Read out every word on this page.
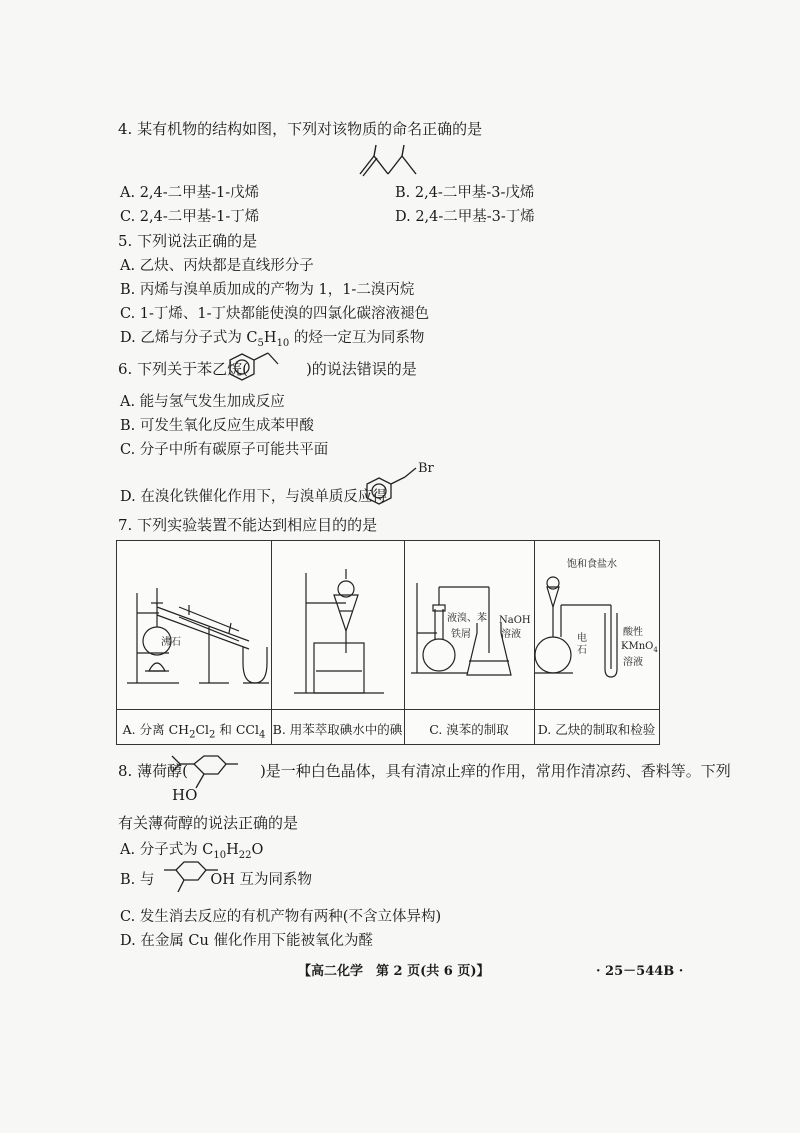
4. 某有机物的结构如图，下列对该物质的命名正确的是
A. 2,4-二甲基-1-戊烯	B. 2,4-二甲基-3-戊烯
C. 2,4-二甲基-1-丁烯	D. 2,4-二甲基-3-丁烯
5. 下列说法正确的是
A. 乙炔、丙炔都是直线形分子
B. 丙烯与溴单质加成的产物为 1，1-二溴丙烷
C. 1-丁烯、1-丁炔都能使溴的四氯化碳溶液褪色
D. 乙烯与分子式为 $C_5H_{10}$ 的烃一定互为同系物
6. 下列关于苯乙烷(	)的说法错误的是
A. 能与氢气发生加成反应
B. 可发生氧化反应生成苯甲酸
C. 分子中所有碳原子可能共平面
D. 在溴化铁催化作用下，与溴单质反应得
Br
7. 下列实验装置不能达到相应目的的是
沸石
液溴、苯
铁屑
NaOH
溶液
饱和食盐水
电
石
酸性
KMnO$_4$
溶液
A. 分离 $CH_2Cl_2$ 和 CCl$_4$ B. 用苯萃取碘水中的碘	C. 溴苯的制取	D. 乙炔的制取和检验
8. 薄荷醇(	)是一种白色晶体，具有清凉止痒的作用，常用作清凉药、香料等。下列
HO
有关薄荷醇的说法正确的是
A. 分子式为 $C_{10}H_{22}O$
B. 与	OH 互为同系物
C. 发生消去反应的有机产物有两种(不含立体异构)
D. 在金属 Cu 催化作用下能被氧化为醛
【高二化学　第 2 页(共 6 页)】	· 25－544B ·
